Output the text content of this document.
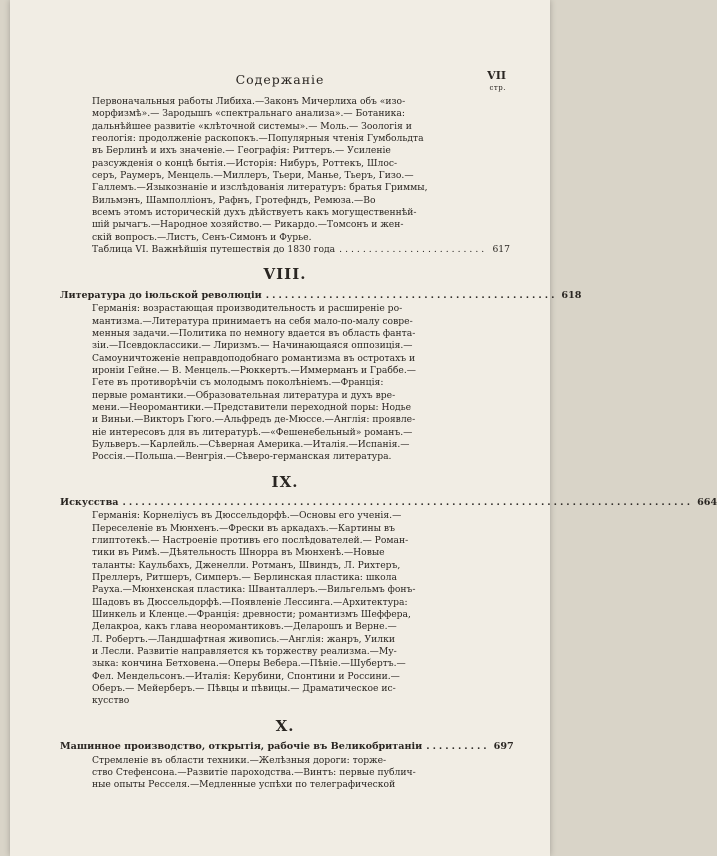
Содержаніе	VII
стр.
Первоначальныя работы Либиха.—Законъ Мичерлиха объ «изо-
морфизмѣ».— Зародышъ «спектральнаго анализа».— Ботаника:
дальнѣйшее развитіе «клѣточной системы».— Моль.— Зоологія и
геологія: продолженіе раскопокъ.—Популярныя чтенія Гумбольдта
въ Берлинѣ и ихъ значеніе.— Географія: Риттеръ.— Усиленіе
разсужденія о концѣ бытія.—Исторія: Нибуръ, Роттекъ, Шлос-
серъ, Раумеръ, Менцель.—Миллеръ, Тьери, Манье, Тьеръ, Гизо.—
Галлемъ.—Языкознаніе и изслѣдованія литературъ: братья Гриммы,
Вильмэнъ, Шамполліонъ, Рафнъ, Гротефндъ, Ремюза.—Во
всемъ этомъ историческій духъ дѣйствуетъ какъ могущественнѣй-
шій рычагъ.—Народное хозяйство.— Рикардо.—Томсонъ и жен-
скій вопросъ.—Листъ, Сенъ-Симонъ и Фурье.
Таблица VI. Важнѣйшія путешествія до 1830 года ......................... 617
VIII.
Литература до іюльской революціи .............................................. 618
Германія: возрастающая производительность и расширеніе ро-
мантизма.—Литература принимаетъ на себя мало-по-малу совре-
менныя задачи.—Политика по немногу вдается въ область фанта-
зіи.—Псевдоклассики.— Лиризмъ.— Начинающаяся оппозиція.—
Самоуничтоженіе неправдоподобнаго романтизма въ остротахъ и
ироніи Гейне.— В. Менцель.—Рюккертъ.—Иммерманъ и Граббе.—
Гете въ противорѣчіи съ молодымъ поколѣніемъ.—Франція:
первые романтики.—Образовательная литература и духъ вре-
мени.—Неоромантики.—Представители переходной поры: Нодье
и Виньи.—Викторъ Гюго.—Альфредъ де-Мюссе.—Англія: проявле-
ніе интересовъ для въ литературѣ.—«Фешенебельный» романъ.—
Бульверъ.—Карлейль.—Сѣверная Америка.—Италія.—Испанія.—
Россія.—Польша.—Венгрія.—Сѣверо-германская литература.
IX.
Искусства .......................................................................................... 664
Германія: Корнеліусъ въ Дюссельдорфѣ.—Основы его ученія.—
Переселеніе въ Мюнхенъ.—Фрески въ аркадахъ.—Картины въ
глиптотекѣ.— Настроеніе противъ его послѣдователей.— Роман-
тики въ Римѣ.—Дѣятельность Шнорра въ Мюнхенѣ.—Новые
таланты: Каульбахъ, Дженелли. Ротманъ, Швиндъ, Л. Рихтеръ,
Преллеръ, Ритшеръ, Симперъ.— Берлинская пластика: школа
Рауха.—Мюнхенская пластика: Шванталлеръ.—Вильгельмъ фонъ-
Шадовъ въ Дюссельдорфѣ.—Появленіе Лессинга.—Архитектура:
Шинкель и Кленце.—Франція: древности; романтизмъ Шеффера,
Делакроа, какъ глава неоромантиковъ.—Деларошъ и Верне.—
Л. Робертъ.—Ландшафтная живопись.—Англія: жанръ, Уилки
и Лесли. Развитіе направляется къ торжеству реализма.—Му-
зыка: кончина Бетховена.—Оперы Вебера.—Пѣніе.—Шубертъ.—
Фел. Мендельсонъ.—Италія: Керубини, Спонтини и Россини.—
Оберъ.— Мейерберъ.— Пѣвцы и пѣвицы.— Драматическое ис-
кусство
X.
Машинное производство, открытія, рабочіе въ Великобританіи .......... 697
Стремленіе въ области техники.—Желѣзныя дороги: торже-
ство Стефенсона.—Развитіе пароходства.—Винтъ: первые публич-
ные опыты Ресселя.—Медленные успѣхи по телеграфической
